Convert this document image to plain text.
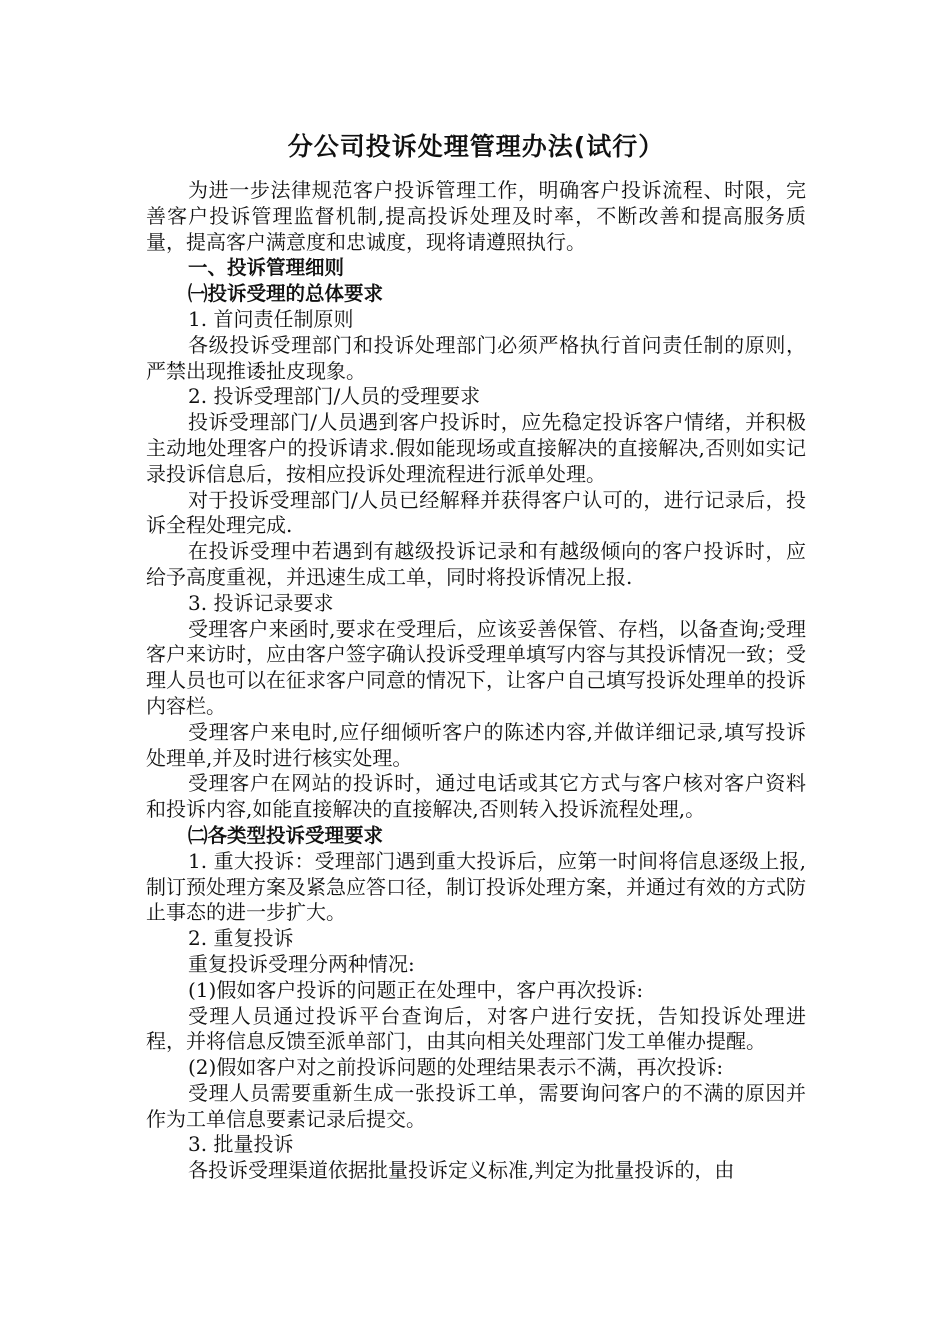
分公司投诉处理管理办法(试行）

为进一步法律规范客户投诉管理工作，明确客户投诉流程、时限，完善客户投诉管理监督机制,提高投诉处理及时率，不断改善和提高服务质量，提高客户满意度和忠诚度，现将请遵照执行。

一、投诉管理细则

㈠投诉受理的总体要求

1. 首问责任制原则

各级投诉受理部门和投诉处理部门必须严格执行首问责任制的原则，严禁出现推诿扯皮现象。

2. 投诉受理部门/人员的受理要求

投诉受理部门/人员遇到客户投诉时，应先稳定投诉客户情绪，并积极主动地处理客户的投诉请求.假如能现场或直接解决的直接解决,否则如实记录投诉信息后，按相应投诉处理流程进行派单处理。

对于投诉受理部门/人员已经解释并获得客户认可的，进行记录后，投诉全程处理完成.

在投诉受理中若遇到有越级投诉记录和有越级倾向的客户投诉时，应给予高度重视，并迅速生成工单，同时将投诉情况上报.

3. 投诉记录要求

受理客户来函时,要求在受理后，应该妥善保管、存档，以备查询;受理客户来访时，应由客户签字确认投诉受理单填写内容与其投诉情况一致；受理人员也可以在征求客户同意的情况下，让客户自己填写投诉处理单的投诉内容栏。

受理客户来电时,应仔细倾听客户的陈述内容,并做详细记录,填写投诉处理单,并及时进行核实处理。

受理客户在网站的投诉时，通过电话或其它方式与客户核对客户资料和投诉内容,如能直接解决的直接解决,否则转入投诉流程处理,。

㈡各类型投诉受理要求

1. 重大投诉：受理部门遇到重大投诉后，应第一时间将信息逐级上报,制订预处理方案及紧急应答口径，制订投诉处理方案，并通过有效的方式防止事态的进一步扩大。

2. 重复投诉

重复投诉受理分两种情况:

(1)假如客户投诉的问题正在处理中，客户再次投诉:

受理人员通过投诉平台查询后，对客户进行安抚，告知投诉处理进程，并将信息反馈至派单部门，由其向相关处理部门发工单催办提醒。

(2)假如客户对之前投诉问题的处理结果表示不满，再次投诉:

受理人员需要重新生成一张投诉工单，需要询问客户的不满的原因并作为工单信息要素记录后提交。

3. 批量投诉

各投诉受理渠道依据批量投诉定义标准,判定为批量投诉的，由
